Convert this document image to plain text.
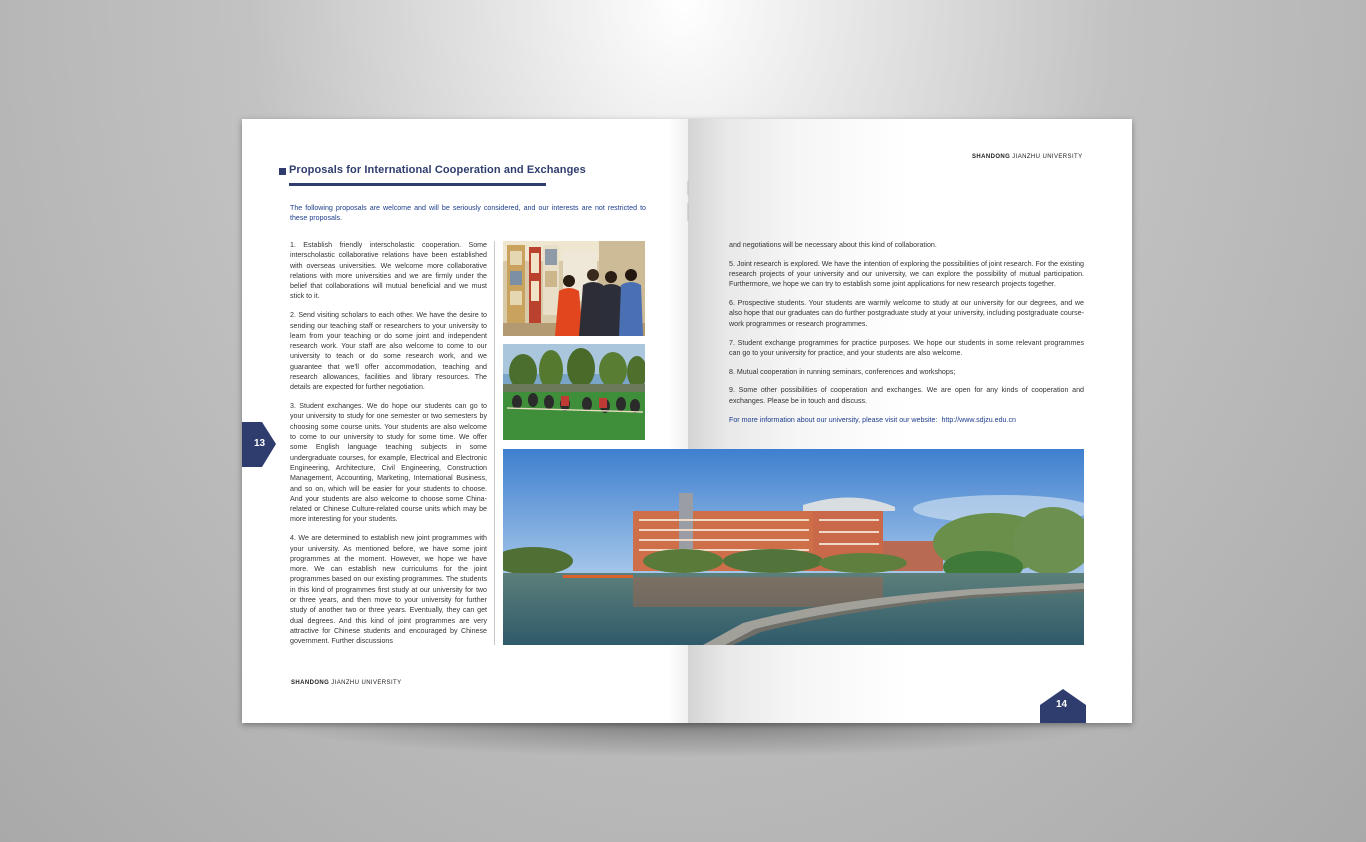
Proposals for International Cooperation and Exchanges
The following proposals are welcome and will be seriously considered, and our interests are not restricted to these proposals.

1. Establish friendly interscholastic cooperation. Some interscholastic collaborative relations have been established with overseas universities. We welcome more collaborative relations with more universities and we are firmly under the belief that collaborations will mutual beneficial and we must stick to it.

2. Send visiting scholars to each other. We have the desire to sending our teaching staff or researchers to your university to learn from your teaching or do some joint and independent research work. Your staff are also welcome to come to our university to teach or do some research work, and we guarantee that we'll offer accommodation, teaching and research allowances, facilities and library resources. The details are expected for further negotiation.

3. Student exchanges. We do hope our students can go to your university to study for one semester or two semesters by choosing some course units. Your students are also welcome to come to our university to study for some time. We offer some English language teaching subjects in some undergraduate courses, for example, Electrical and Electronic Engineering, Architecture, Civil Engineering, Construction Management, Accounting, Marketing, International Business, and so on, which will be easier for your students to choose. And your students are also welcome to choose some China-related or Chinese Culture-related course units which may be more interesting for your students.

4. We are determined to establish new joint programmes with your university. As mentioned before, we have some joint programmes at the moment. However, we hope we have more. We can establish new curriculums for the joint programmes based on our existing programmes. The students in this kind of programmes first study at our university for two or three years, and then move to your university for further study of another two or three years. Eventually, they can get dual degrees. And this kind of joint programmes are very attractive for Chinese students and encouraged by Chinese government. Further discussions

13
SHANDONG JIANZHU UNIVERSITY
SHANDONG JIANZHU UNIVERSITY

and negotiations will be necessary about this kind of collaboration.

5. Joint research is explored. We have the intention of exploring the possibilities of joint research. For the existing research projects of your university and our university, we can explore the possibility of mutual participation. Furthermore, we hope we can try to establish some joint applications for new research projects together.

6. Prospective students. Your students are warmly welcome to study at our university for our degrees, and we also hope that our graduates can do further postgraduate study at your university, including postgraduate course-work programmes or research programmes.

7. Student exchange programmes for practice purposes. We hope our students in some relevant programmes can go to your university for practice, and your students are also welcome.

8. Mutual cooperation in running seminars, conferences and workshops;

9. Some other possibilities of cooperation and exchanges. We are open for any kinds of cooperation and exchanges. Please be in touch and discuss.

For more information about our university, please visit our website: http://www.sdjzu.edu.cn

14
